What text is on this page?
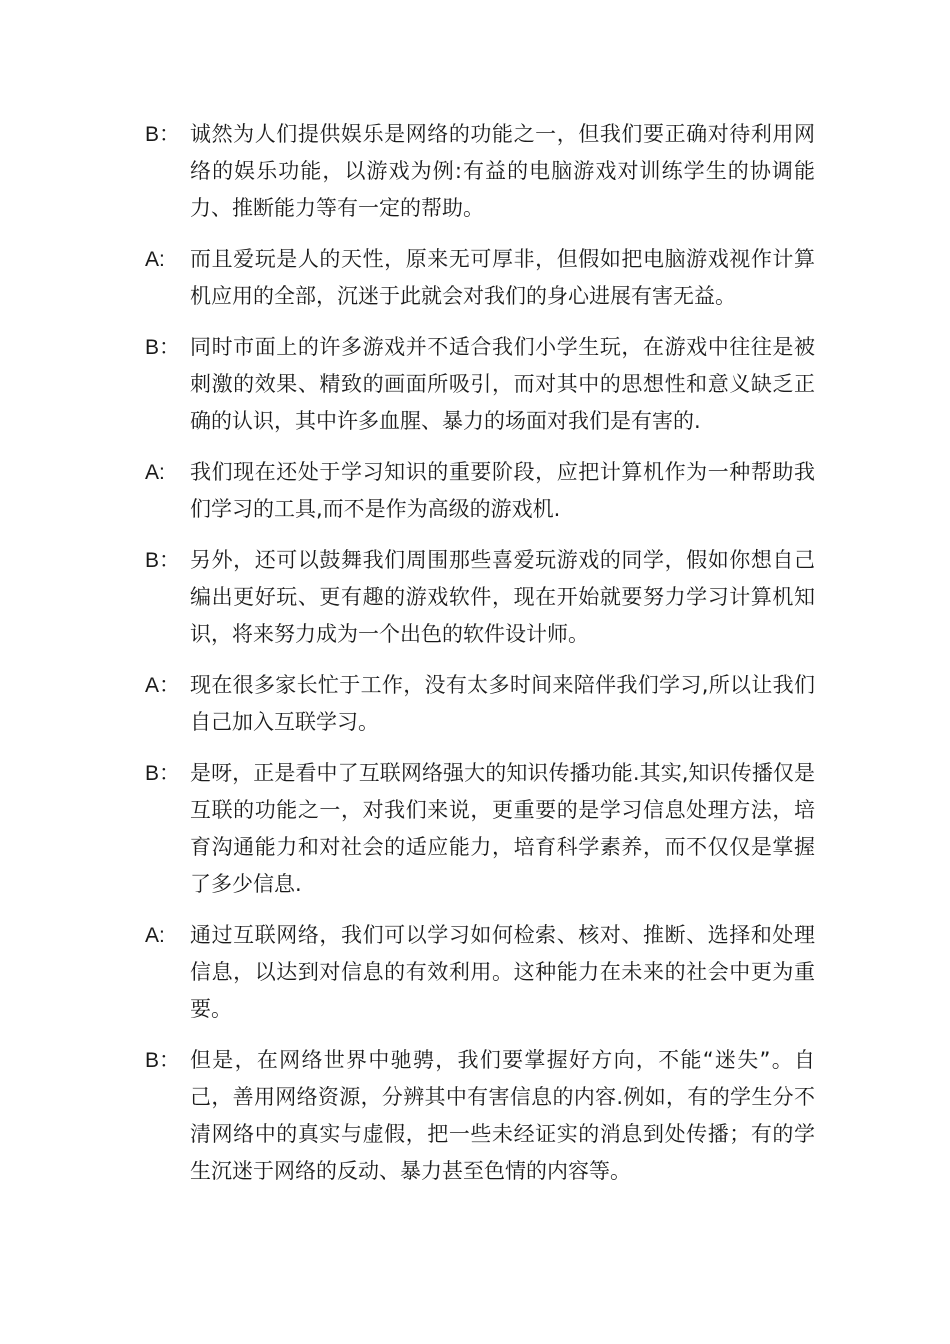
B： 诚然为人们提供娱乐是网络的功能之一，但我们要正确对待利用网络的娱乐功能，以游戏为例:有益的电脑游戏对训练学生的协调能力、推断能力等有一定的帮助。
A: 而且爱玩是人的天性，原来无可厚非，但假如把电脑游戏视作计算机应用的全部，沉迷于此就会对我们的身心进展有害无益。
B： 同时市面上的许多游戏并不适合我们小学生玩，在游戏中往往是被刺激的效果、精致的画面所吸引，而对其中的思想性和意义缺乏正确的认识，其中许多血腥、暴力的场面对我们是有害的.
A: 我们现在还处于学习知识的重要阶段，应把计算机作为一种帮助我们学习的工具,而不是作为高级的游戏机.
B： 另外，还可以鼓舞我们周围那些喜爱玩游戏的同学，假如你想自己编出更好玩、更有趣的游戏软件，现在开始就要努力学习计算机知识，将来努力成为一个出色的软件设计师。
A： 现在很多家长忙于工作，没有太多时间来陪伴我们学习,所以让我们自己加入互联学习。
B： 是呀，正是看中了互联网络强大的知识传播功能.其实,知识传播仅是互联的功能之一，对我们来说，更重要的是学习信息处理方法，培育沟通能力和对社会的适应能力，培育科学素养，而不仅仅是掌握了多少信息.
A: 通过互联网络，我们可以学习如何检索、核对、推断、选择和处理信息，以达到对信息的有效利用。这种能力在未来的社会中更为重要。
B： 但是，在网络世界中驰骋，我们要掌握好方向，不能“迷失”。自己，善用网络资源，分辨其中有害信息的内容.例如，有的学生分不清网络中的真实与虚假，把一些未经证实的消息到处传播；有的学生沉迷于网络的反动、暴力甚至色情的内容等。
